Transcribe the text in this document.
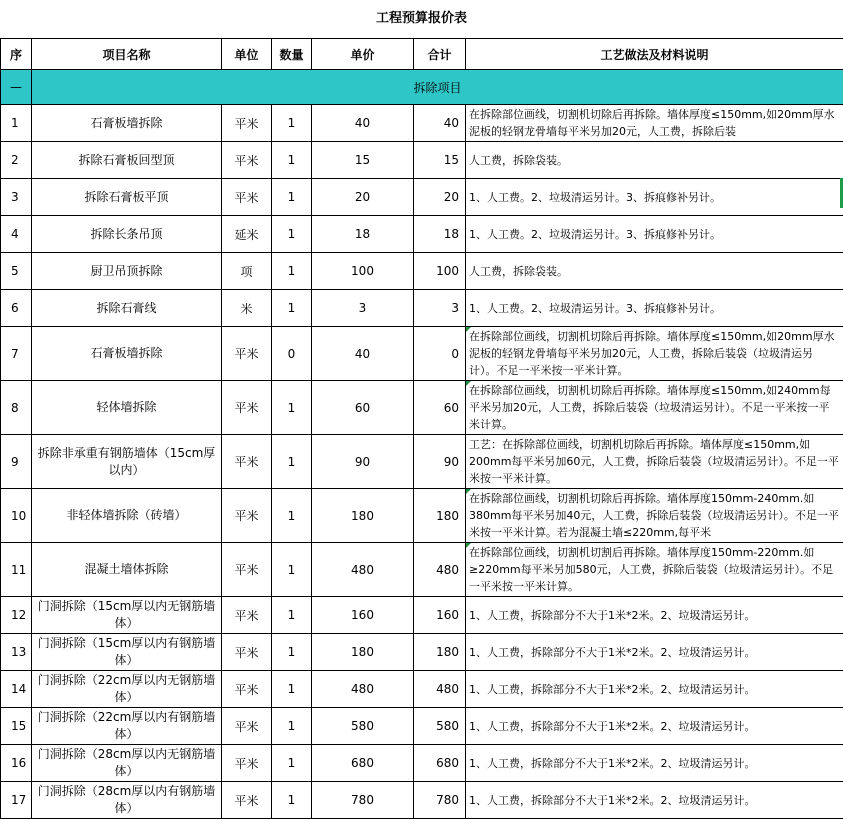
工程预算报价表
序	项目名称	单位	数量	单价	合计	工艺做法及材料说明
—	拆除项目					
1	石膏板墙拆除	平米	1	40	40	在拆除部位画线，切割机切除后再拆除。墙体厚度≤150mm,如20mm厚水泥板的轻钢龙骨墙每平米另加20元，人工费，拆除后装
2	拆除石膏板回型顶	平米	1	15	15	人工费，拆除袋装。
3	拆除石膏板平顶	平米	1	20	20	1、人工费。2、垃圾清运另计。3、拆痕修补另计。
4	拆除长条吊顶	延米	1	18	18	1、人工费。2、垃圾清运另计。3、拆痕修补另计。
5	厨卫吊顶拆除	项	1	100	100	人工费，拆除袋装。
6	拆除石膏线	米	1	3	3	1、人工费。2、垃圾清运另计。3、拆痕修补另计。
7	石膏板墙拆除	平米	0	40	0	在拆除部位画线，切割机切除后再拆除。墙体厚度≤150mm,如20mm厚水泥板的轻钢龙骨墙每平米另加20元，人工费，拆除后装袋（垃圾清运另计）。不足一平米按一平米计算。
8	轻体墙拆除	平米	1	60	60	在拆除部位画线，切割机切除后再拆除。墙体厚度≤150mm,如240mm每平米另加20元，人工费，拆除后装袋（垃圾清运另计）。不足一平米按一平米计算。
9	拆除非承重有钢筋墙体（15cm厚以内）	平米	1	90	90	工艺：在拆除部位画线，切割机切除后再拆除。墙体厚度≤150mm,如200mm每平米另加60元，人工费，拆除后装袋（垃圾清运另计）。不足一平米按一平米计算。
10	非轻体墙拆除（砖墙）	平米	1	180	180	在拆除部位画线，切割机切除后再拆除。墙体厚度150mm-240mm.如380mm每平米另加40元，人工费，拆除后装袋（垃圾清运另计）。不足一平米按一平米计算。若为混凝土墙≤220mm,每平米
11	混凝土墙体拆除	平米	1	480	480	在拆除部位画线，切割机切割后再拆除。墙体厚度150mm-220mm.如≥220mm每平米另加580元，人工费，拆除后装袋（垃圾清运另计）。不足一平米按一平米计算。
12	门洞拆除（15cm厚以内无钢筋墙体）	平米	1	160	160	1、人工费，拆除部分不大于1米*2米。2、垃圾清运另计。
13	门洞拆除（15cm厚以内有钢筋墙体）	平米	1	180	180	1、人工费，拆除部分不大于1米*2米。2、垃圾清运另计。
14	门洞拆除（22cm厚以内无钢筋墙体）	平米	1	480	480	1、人工费，拆除部分不大于1米*2米。2、垃圾清运另计。
15	门洞拆除（22cm厚以内有钢筋墙体）	平米	1	580	580	1、人工费，拆除部分不大于1米*2米。2、垃圾清运另计。
16	门洞拆除（28cm厚以内无钢筋墙体）	平米	1	680	680	1、人工费，拆除部分不大于1米*2米。2、垃圾清运另计。
17	门洞拆除（28cm厚以内有钢筋墙体）	平米	1	780	780	1、人工费，拆除部分不大于1米*2米。2、垃圾清运另计。
